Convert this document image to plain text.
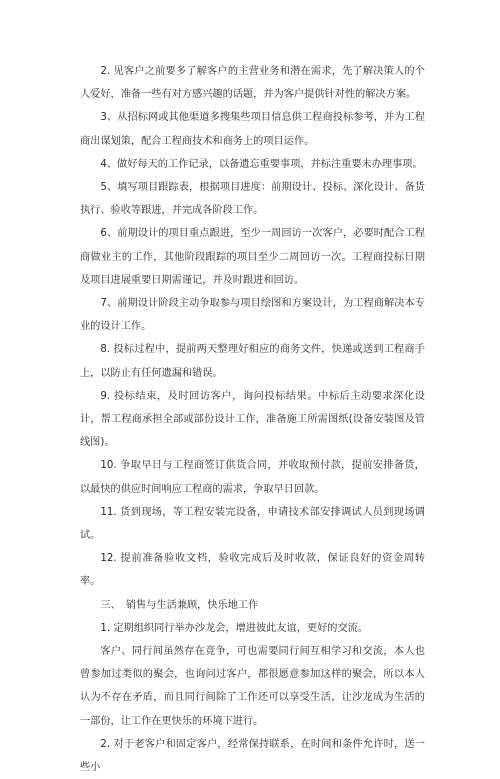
2. 见客户之前要多了解客户的主营业务和潜在需求，先了解决策人的个人爱好，准备一些有对方感兴趣的话题，并为客户提供针对性的解决方案。

3、从招标网或其他渠道多搜集些项目信息供工程商投标参考，并为工程商出谋划策，配合工程商技术和商务上的项目运作。

4、做好每天的工作记录，以备遗忘重要事项，并标注重要未办理事项。

5、填写项目跟踪表，根据项目进度：前期设计、投标、深化设计、备货执行、验收等跟进，并完成各阶段工作。

6、前期设计的项目重点跟进，至少一周回访一次客户，必要时配合工程商做业主的工作，其他阶段跟踪的项目至少二周回访一次。工程商投标日期及项目进展重要日期需谨记，并及时跟进和回访。

7、前期设计阶段主动争取参与项目绘图和方案设计，为工程商解决本专业的设计工作。

8. 投标过程中，提前两天整理好相应的商务文件，快递或送到工程商手上，以防止有任何遗漏和错误。

9. 投标结束，及时回访客户，询问投标结果。中标后主动要求深化设计，帮工程商承担全部或部份设计工作，准备施工所需图纸(设备安装图及管线图)。

10. 争取早日与工程商签订供货合同，并收取预付款，提前安排备货，以最快的供应时间响应工程商的需求，争取早日回款。

11. 货到现场，等工程安装完设备，申请技术部安排调试人员到现场调试。

12. 提前准备验收文档，验收完成后及时收款，保证良好的资金周转率。

三、　销售与生活兼顾，快乐地工作

1. 定期组织同行举办沙龙会，增进彼此友谊，更好的交流。

客户、同行间虽然存在竞争，可也需要同行间互相学习和交流，本人也曾参加过类似的聚会，也询问过客户，都很愿意参加这样的聚会，所以本人认为不存在矛盾，而且同行间除了工作还可以享受生活，让沙龙成为生活的一部份，让工作在更快乐的环境下进行。

2. 对于老客户和固定客户，经常保持联系，在时间和条件允许时，送一些小
